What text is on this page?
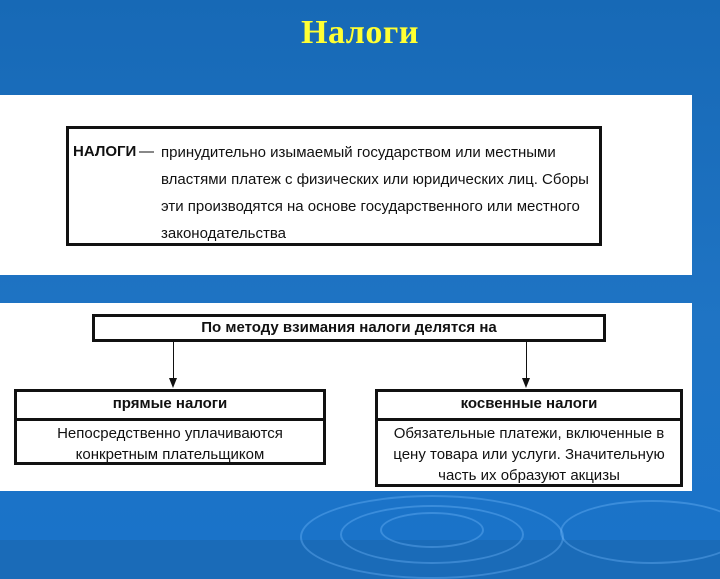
Налоги
НАЛОГИ — принудительно изымаемый государством или местными властями платеж с физических или юридических лиц. Сборы эти производятся на основе государственного или местного законодательства
По методу взимания налоги делятся на
прямые налоги
Непосредственно уплачиваются конкретным плательщиком
косвенные налоги
Обязательные платежи, включенные в цену товара или услуги. Значительную часть их образуют акцизы
